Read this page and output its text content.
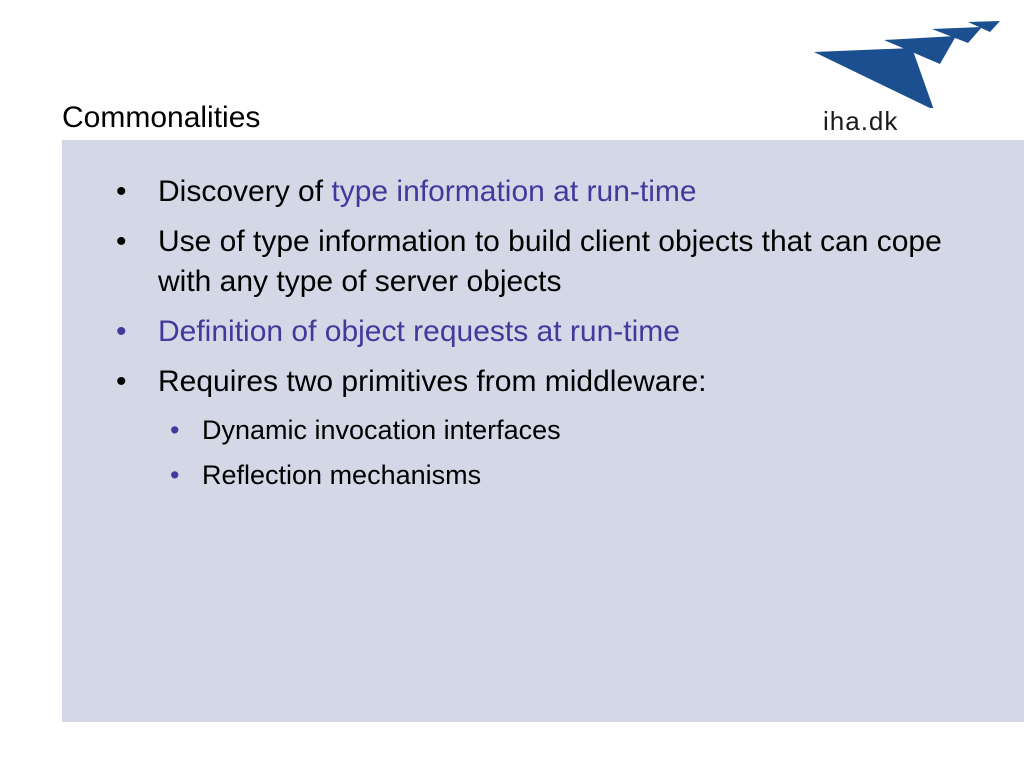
Commonalities	iha.dk
• Discovery of type information at run-time
• Use of type information to build client objects that can cope with any type of server objects
• Definition of object requests at run-time
• Requires two primitives from middleware:
• Dynamic invocation interfaces
• Reflection mechanisms
